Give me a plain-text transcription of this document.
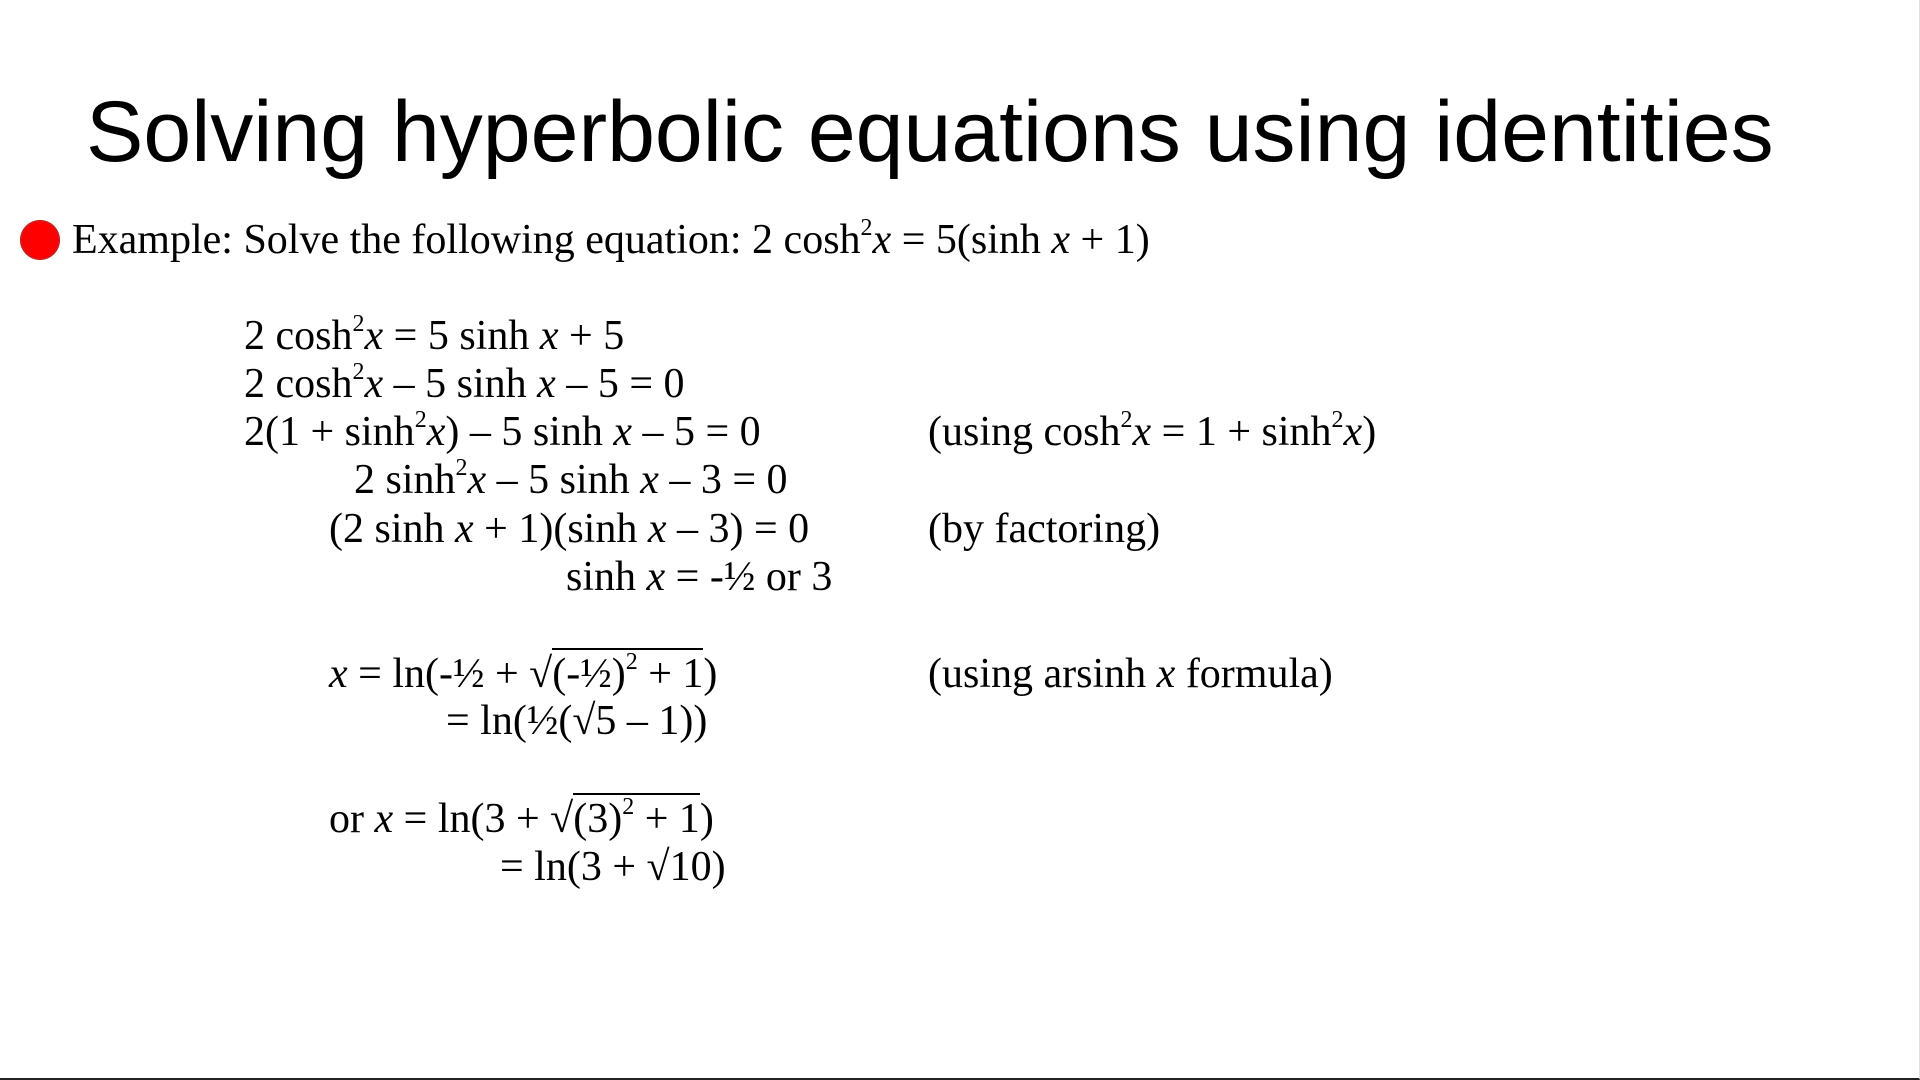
Solving hyperbolic equations using identities
Example: Solve the following equation: 2 $\cosh^2x = 5(\sinh$ x + 1)
2 $\cosh^2x = 5$ sinh x + 5
2 $\cosh^2x - 5$ sinh x – 5 = 0
$2(1 + \sinh^2x) - 5$ sinh x – 5 = 0	(using $\cosh^2x = 1 + \sinh^2x$)
2 $\sinh^2x - 5$ sinh x – 3 = 0
(2 sinh x + 1)(sinh x – 3) = 0	(by factoring)
sinh x = -½ or 3
x = ln(-½ + √(-½)$^2$ + 1)	(using arsinh x formula)
= ln(½(√5 – 1))
or $x = \ln(3 + √(3)^2 + 1)$
= ln(3 + √10)
